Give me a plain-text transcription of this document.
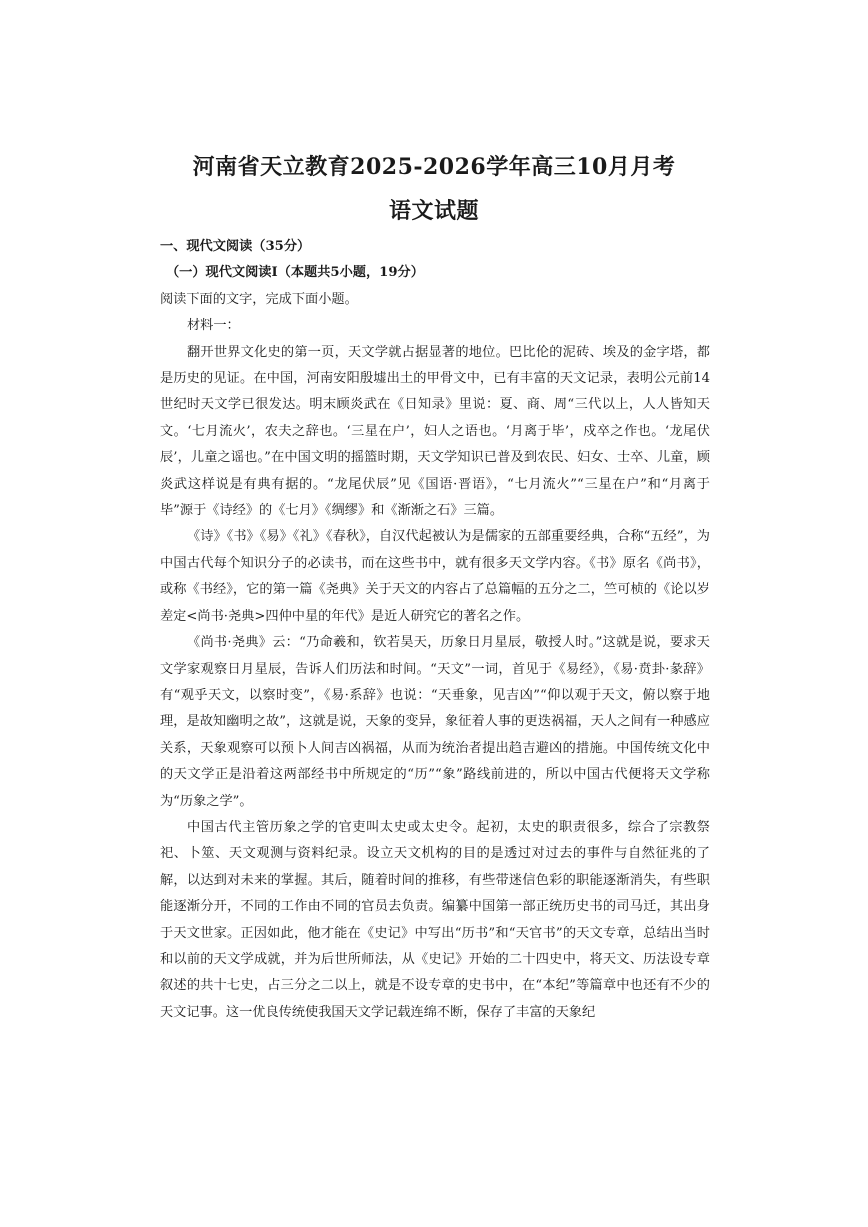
河南省天立教育2025-2026学年高三10月月考
语文试题

一、现代文阅读（35分）

（一）现代文阅读Ⅰ（本题共5小题，19分）

阅读下面的文字，完成下面小题。

材料一：

翻开世界文化史的第一页，天文学就占据显著的地位。巴比伦的泥砖、埃及的金字塔，都是历史的见证。在中国，河南安阳殷墟出土的甲骨文中，已有丰富的天文记录，表明公元前14世纪时天文学已很发达。明末顾炎武在《日知录》里说：夏、商、周“三代以上，人人皆知天文。‘七月流火’，农夫之辞也。‘三星在户’，妇人之语也。‘月离于毕’，戍卒之作也。‘龙尾伏辰’，儿童之谣也。”在中国文明的摇篮时期，天文学知识已普及到农民、妇女、士卒、儿童，顾炎武这样说是有典有据的。“龙尾伏辰”见《国语·晋语》，“七月流火”“三星在户”和“月离于毕”源于《诗经》的《七月》《绸缪》和《渐渐之石》三篇。

《诗》《书》《易》《礼》《春秋》，自汉代起被认为是儒家的五部重要经典，合称“五经”，为中国古代每个知识分子的必读书，而在这些书中，就有很多天文学内容。《书》原名《尚书》，或称《书经》，它的第一篇《尧典》关于天文的内容占了总篇幅的五分之二，竺可桢的《论以岁差定<尚书·尧典>四仲中星的年代》是近人研究它的著名之作。

《尚书·尧典》云：“乃命羲和，钦若昊天，历象日月星辰，敬授人时。”这就是说，要求天文学家观察日月星辰，告诉人们历法和时间。“天文”一词，首见于《易经》，《易·贲卦·彖辞》有“观乎天文，以察时变”，《易·系辞》也说：“天垂象，见吉凶”“仰以观于天文，俯以察于地理，是故知幽明之故”，这就是说，天象的变异，象征着人事的更迭祸福，天人之间有一种感应关系，天象观察可以预卜人间吉凶祸福，从而为统治者提出趋吉避凶的措施。中国传统文化中的天文学正是沿着这两部经书中所规定的“历”“象”路线前进的，所以中国古代便将天文学称为“历象之学”。

中国古代主管历象之学的官吏叫太史或太史令。起初，太史的职责很多，综合了宗教祭祀、卜筮、天文观测与资料纪录。设立天文机构的目的是透过对过去的事件与自然征兆的了解，以达到对未来的掌握。其后，随着时间的推移，有些带迷信色彩的职能逐渐消失，有些职能逐渐分开，不同的工作由不同的官员去负责。编纂中国第一部正统历史书的司马迁，其出身于天文世家。正因如此，他才能在《史记》中写出“历书”和“天官书”的天文专章，总结出当时和以前的天文学成就，并为后世所师法，从《史记》开始的二十四史中，将天文、历法设专章叙述的共十七史，占三分之二以上，就是不设专章的史书中，在“本纪”等篇章中也还有不少的天文记事。这一优良传统使我国天文学记载连绵不断，保存了丰富的天象纪
